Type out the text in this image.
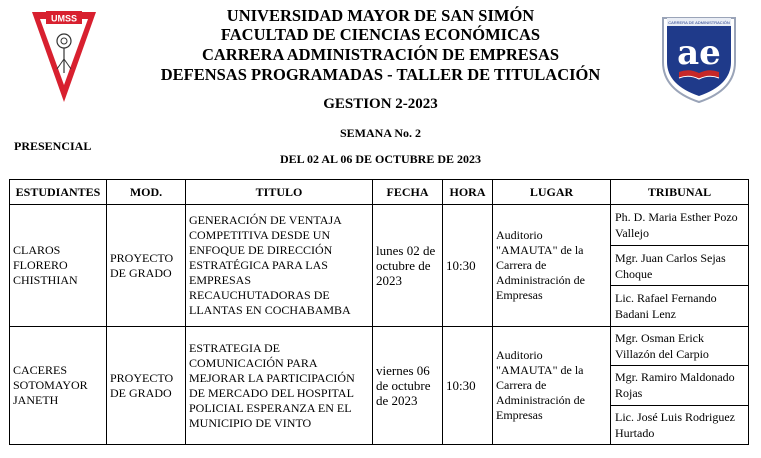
UMSS	CARRERA DE ADMINISTRACIÓN
ae
UNIVERSIDAD MAYOR DE SAN SIMÓN
FACULTAD DE CIENCIAS ECONÓMICAS
CARRERA ADMINISTRACIÓN DE EMPRESAS
DEFENSAS PROGRAMADAS - TALLER DE TITULACIÓN
GESTION 2-2023
SEMANA No. 2
PRESENCIAL
DEL 02 AL 06 DE OCTUBRE DE 2023
ESTUDIANTES	MOD.	TITULO	FECHA	HORA	LUGAR	TRIBUNAL
CLAROS FLORERO CHISTHIAN	PROYECTO DE GRADO	GENERACIÓN DE VENTAJA COMPETITIVA DESDE UN ENFOQUE DE DIRECCIÓN ESTRATÉGICA PARA LAS EMPRESAS RECAUCHUTADORAS DE LLANTAS EN COCHABAMBA	lunes 02 de octubre de 2023	10:30	Auditorio "AMAUTA" de la Carrera de Administración de Empresas	Ph. D. Maria Esther Pozo Vallejo
Mgr. Juan Carlos Sejas Choque
Lic. Rafael Fernando Badani Lenz

CACERES SOTOMAYOR JANETH	PROYECTO DE GRADO	ESTRATEGIA DE COMUNICACIÓN PARA MEJORAR LA PARTICIPACIÓN DE MERCADO DEL HOSPITAL POLICIAL ESPERANZA EN EL MUNICIPIO DE VINTO	viernes 06 de octubre de 2023	10:30	Auditorio "AMAUTA" de la Carrera de Administración de Empresas	Mgr. Osman Erick Villazón del Carpio
Mgr. Ramiro Maldonado Rojas
Lic. José Luis Rodriguez Hurtado
